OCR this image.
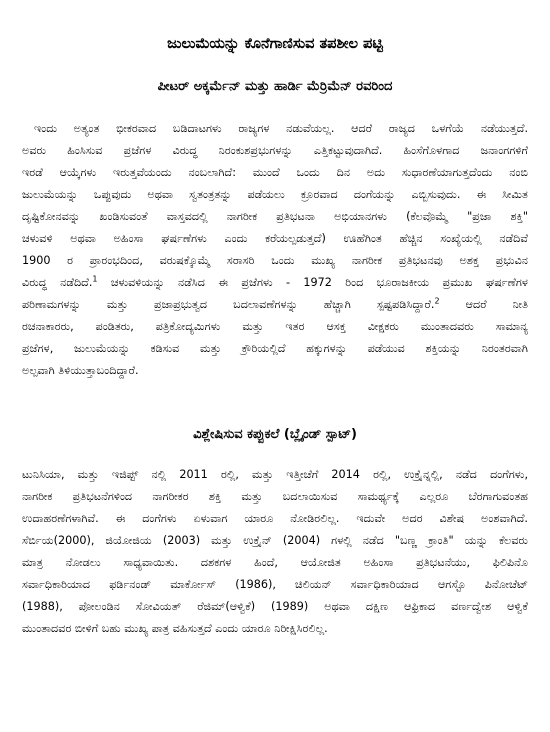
ಜುಲುಮೆಯನ್ನು ಕೊನೆಗಾಣಿಸುವ ತಪಶೀಲ ಪಟ್ಟಿ
ಪೀಟರ್ ಅಕ್ಕರ್ಮೆನ್ ಮತ್ತು ಹಾರ್ಡಿ ಮೆರ್ರಿಮೆನ್ ರವರಿಂದ
ಇಂದು ಅತ್ಯಂತ ಭೀಕರವಾದ ಬಡಿದಾಟಗಳು ರಾಜ್ಯಗಳ ನಡುವೆಯಲ್ಲ. ಆದರೆ ರಾಜ್ಯದ ಒಳಗೆಯೆ ನಡೆಯುತ್ತದೆ.
ಅವರು ಹಿಂಸಿಸುವ ಪ್ರಜೆಗಳ ವಿರುದ್ಧ ನಿರಂಕುಶಪ್ರಭುಗಳನ್ನು ಎತ್ತಿಕಟ್ಟುವುದಾಗಿದೆ. ಹಿಂಸೆಗೊಳಗಾದ ಜನಾಂಗಗಳಿಗೆ
ಇರಡೆ ಆಯ್ಕೆಗಳು ಇರುತ್ತವೆಯಂದು ನಂಬಲಾಗಿದೆ: ಮುಂದೆ ಒಂದು ದಿನ ಅದು ಸುಧಾರಣೆಯಾಗುತ್ತದೆಂದು ನಂಬಿ
ಜುಲುಮೆಯನ್ನು ಒಪ್ಪುವುದು ಅಥವಾ ಸ್ವತಂತ್ರತನ್ನು ಪಡೆಯಲು ಕ್ರೂರವಾದ ದಂಗೆಯನ್ನು ಎಬ್ಬಿಸುವುದು. ಈ ಸೀಮಿತ
ದೃಷ್ಟಿಕೋನವನ್ನು ಖಂಡಿಸುವಂತೆ ವಾಸ್ತವದಲ್ಲಿ ನಾಗರೀಕ ಪ್ರತಿಭಟನಾ ಅಭಿಯಾನಗಳು (ಕೆಲವೊಮ್ಮೆ "ಪ್ರಜಾ ಶಕ್ತಿ"
ಚಳುವಳಿ ಅಥವಾ ಅಹಿಂಸಾ ಘರ್ಷಣೆಗಳು ಎಂದು ಕರೆಯಲ್ಪಡುತ್ತದೆ) ಊಹೆಗಿಂತ ಹೆಚ್ಚಿನ ಸಂಖ್ಯೆಯಲ್ಲಿ ನಡೆದಿವೆ
1900 ರ ಪ್ರಾರಂಭದಿಂದ, ವರುಷಕ್ಕೊಮ್ಮೆ ಸರಾಸರಿ ಒಂದು ಮುಖ್ಯ ನಾಗರೀಕ ಪ್ರತಿಭಟನವು ಅಶಕ್ತ ಪ್ರಭುವಿನ
ವಿರುದ್ಧ ನಡೆದಿದೆ.$^1$ ಚಳುವಳಿಯನ್ನು ನಡೆಸಿದ ಈ ಪ್ರಜೆಗಳು - 1972 ರಿಂದ ಭೂರಾಜಕೀಯ ಪ್ರಮುಖ ಘರ್ಷಣೆಗಳ
ಪರಿಣಾಮಗಳನ್ನು ಮತ್ತು ಪ್ರಜಾಪ್ರಭುತ್ವದ ಬದಲಾವಣೆಗಳನ್ನು ಹೆಚ್ಚಾಗಿ ಸ್ಪಷ್ಟಪಡಿಸಿದ್ದಾರೆ.$^2$ ಆದರೆ ನೀತಿ
ರಚನಾಕಾರರು, ಪಂಡಿತರು, ಪತ್ರಿಕೋದ್ಯಮಿಗಳು ಮತ್ತು ಇತರ ಆಸಕ್ತ ವೀಕ್ಷಕರು ಮುಂತಾದವರು ಸಾಮಾನ್ಯ
ಪ್ರಜೆಗಳ, ಜುಲುಮೆಯನ್ನು ಕಡಿಸುವ ಮತ್ತು ಕ್ರೌರಿಯಲ್ಲಿದೆ ಹಕ್ಕುಗಳನ್ನು ಪಡೆಯುವ ಶಕ್ತಿಯನ್ನು ನಿರಂತರವಾಗಿ
ಅಲ್ಪವಾಗಿ ತಿಳಿಯುತ್ತಾಬಂದಿದ್ದಾರೆ.
ವಿಶ್ಲೇಷಿಸುವ ಕಪ್ಪುಕಲೆ (ಬ್ಲೈಂಡ್ ಸ್ಪಾಟ್)
ಟುನಿಸಿಯಾ, ಮತ್ತು ಇಜಿಪ್ಟ್ ನಲ್ಲಿ 2011 ರಲ್ಲಿ, ಮತ್ತು ಇತ್ತೀಚೆಗೆ 2014 ರಲ್ಲಿ, ಉಕ್ರೈನ್ನಲ್ಲಿ, ನಡೆದ ದಂಗೆಗಳು,
ನಾಗರೀಕ ಪ್ರತಿಭಟನೆಗಳಿಂದ ನಾಗರೀಕರ ಶಕ್ತಿ ಮತ್ತು ಬದಲಾಯಿಸುವ ಸಾಮರ್ಥ್ಯಕ್ಕೆ ಎಲ್ಲರೂ ಬೆರಗಾಗುವಂತಹ
ಉದಾಹರಣೆಗಳಾಗಿವೆ. ಈ ದಂಗೆಗಳು ಏಳುವಾಗ ಯಾರೂ ನೋಡಿರಲಿಲ್ಲ. ಇದುವೇ ಅದರ ವಿಶೇಷ ಅಂಶವಾಗಿದೆ.
ಸೆರ್ಬಿಯ(2000), ಜಿಯೋಜಿಯ (2003) ಮತ್ತು ಉಕ್ರೈನ್ (2004) ಗಳಲ್ಲಿ ನಡೆದ "ಬಣ್ಣ ಕ್ರಾಂತಿ" ಯನ್ನು ಕೆಲವರು
ಮಾತ್ರ ನೋಡಲು ಸಾಧ್ಯವಾಯಿತು. ದಶಕಗಳ ಹಿಂದೆ, ಆಯೋಜಿತ ಅಹಿಂಸಾ ಪ್ರತಿಭಟನೆಯು, ಫಿಲಿಪಿನೊ
ಸರ್ವಾಧಿಕಾರಿಯಾದ ಫರ್ಡಿನಂಡ್ ಮಾರ್ಕೋಸ್ (1986), ಚಿಲಿಯನ್ ಸರ್ವಾಧಿಕಾರಿಯಾದ ಆಗಸ್ಟೊ ಪಿನೋಚೆಟ್
(1988), ಪೋಲಂಡಿನ ಸೋವಿಯತ್ ರೆಜಿಮ್(ಆಳ್ವಿಕೆ) (1989) ಅಥವಾ ದಕ್ಷಿಣ ಆಫ್ರಿಕಾದ ವರ್ಣದ್ವೇಶ ಆಳ್ವಿಕೆ
ಮುಂತಾದವರ ಬೀಳಿಗೆ ಬಹು ಮುಖ್ಯ ಪಾತ್ರ ವಹಿಸುತ್ತದೆ ಎಂದು ಯಾರೂ ನಿರೀಕ್ಷಿಸಿರಲಿಲ್ಲ.
